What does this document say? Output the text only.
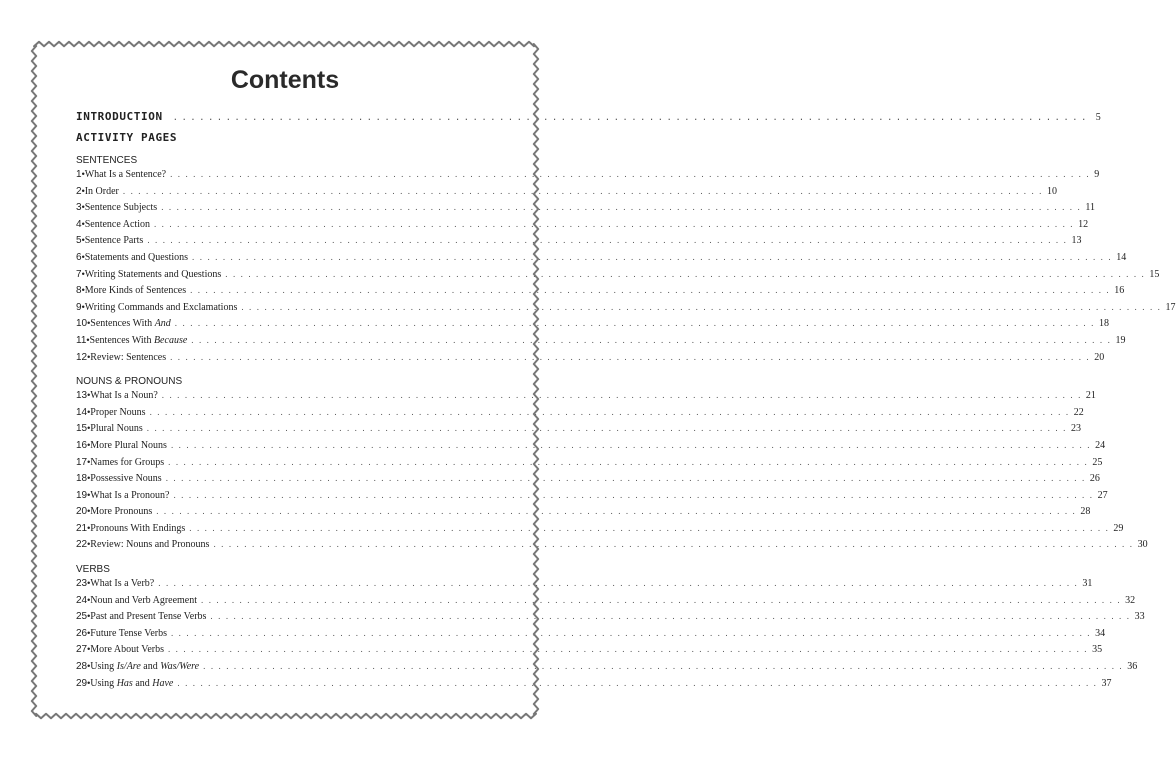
Contents
INTRODUCTION ........................................................................................................ 5
ACTIVITY PAGES
SENTENCES
1 • What Is a Sentence? . . . . . . . . . . . . . . . . . . . . . . . . . . . . . . . . . . . . . . . . . . . . . . . . . . . . . . . . . . . . . . . . . . . . . . . . . . . . . . . . . . . . . . . . . . . . . . . . . . . . . . . . . . . . . . . . . . . . . . . . 9
2 • In Order . . . . . . . . . . . . . . . . . . . . . . . . . . . . . . . . . . . . . . . . . . . . . . . . . . . . . . . . . . . . . . . . . . . . . . . . . . . . . . . . . . . . . . . . . . . . . . . . . . . . . . . . . . . . . . . . . . . . . . . . 10
3 • Sentence Subjects . . . . . . . . . . . . . . . . . . . . . . . . . . . . . . . . . . . . . . . . . . . . . . . . . . . . . . . . . . . . . . . . . . . . . . . . . . . . . . . . . . . . . . . . . . . . . . . . . . . . . . . . . . . . . . . . . . . . . . . . 11
4 • Sentence Action . . . . . . . . . . . . . . . . . . . . . . . . . . . . . . . . . . . . . . . . . . . . . . . . . . . . . . . . . . . . . . . . . . . . . . . . . . . . . . . . . . . . . . . . . . . . . . . . . . . . . . . . . . . . . . . . . . . . . . . . 12
5 • Sentence Parts . . . . . . . . . . . . . . . . . . . . . . . . . . . . . . . . . . . . . . . . . . . . . . . . . . . . . . . . . . . . . . . . . . . . . . . . . . . . . . . . . . . . . . . . . . . . . . . . . . . . . . . . . . . . . . . . . . . . . . . . 13
6 • Statements and Questions . . . . . . . . . . . . . . . . . . . . . . . . . . . . . . . . . . . . . . . . . . . . . . . . . . . . . . . . . . . . . . . . . . . . . . . . . . . . . . . . . . . . . . . . . . . . . . . . . . . . . . . . . . . . . . . . . . . . . . . . 14
7 • Writing Statements and Questions . . . . . . . . . . . . . . . . . . . . . . . . . . . . . . . . . . . . . . . . . . . . . . . . . . . . . . . . . . . . . . . . . . . . . . . . . . . . . . . . . . . . . . . . . . . . . . . . . . . . . . . . . . . . . . . . . . . . . . . . 15
8 • More Kinds of Sentences . . . . . . . . . . . . . . . . . . . . . . . . . . . . . . . . . . . . . . . . . . . . . . . . . . . . . . . . . . . . . . . . . . . . . . . . . . . . . . . . . . . . . . . . . . . . . . . . . . . . . . . . . . . . . . . . . . . . . . . . 16
9 • Writing Commands and Exclamations . . . . . . . . . . . . . . . . . . . . . . . . . . . . . . . . . . . . . . . . . . . . . . . . . . . . . . . . . . . . . . . . . . . . . . . . . . . . . . . . . . . . . . . . . . . . . . . . . . . . . . . . . . . . . . . . . . . . . . . . 17
10 • Sentences With And . . . . . . . . . . . . . . . . . . . . . . . . . . . . . . . . . . . . . . . . . . . . . . . . . . . . . . . . . . . . . . . . . . . . . . . . . . . . . . . . . . . . . . . . . . . . . . . . . . . . . . . . . . . . . . . . . . . . . . . . 18
11 • Sentences With Because . . . . . . . . . . . . . . . . . . . . . . . . . . . . . . . . . . . . . . . . . . . . . . . . . . . . . . . . . . . . . . . . . . . . . . . . . . . . . . . . . . . . . . . . . . . . . . . . . . . . . . . . . . . . . . . . . . . . . . . . 19
12 • Review: Sentences . . . . . . . . . . . . . . . . . . . . . . . . . . . . . . . . . . . . . . . . . . . . . . . . . . . . . . . . . . . . . . . . . . . . . . . . . . . . . . . . . . . . . . . . . . . . . . . . . . . . . . . . . . . . . . . . . . . . . . . . 20
NOUNS & PRONOUNS
13 • What Is a Noun? . . . . . . . . . . . . . . . . . . . . . . . . . . . . . . . . . . . . . . . . . . . . . . . . . . . . . . . . . . . . . . . . . . . . . . . . . . . . . . . . . . . . . . . . . . . . . . . . . . . . . . . . . . . . . . . . . . . . . . . . 21
14 • Proper Nouns . . . . . . . . . . . . . . . . . . . . . . . . . . . . . . . . . . . . . . . . . . . . . . . . . . . . . . . . . . . . . . . . . . . . . . . . . . . . . . . . . . . . . . . . . . . . . . . . . . . . . . . . . . . . . . . . . . . . . . . . 22
15 • Plural Nouns . . . . . . . . . . . . . . . . . . . . . . . . . . . . . . . . . . . . . . . . . . . . . . . . . . . . . . . . . . . . . . . . . . . . . . . . . . . . . . . . . . . . . . . . . . . . . . . . . . . . . . . . . . . . . . . . . . . . . . . . 23
16 • More Plural Nouns . . . . . . . . . . . . . . . . . . . . . . . . . . . . . . . . . . . . . . . . . . . . . . . . . . . . . . . . . . . . . . . . . . . . . . . . . . . . . . . . . . . . . . . . . . . . . . . . . . . . . . . . . . . . . . . . . . . . . . . . 24
17 • Names for Groups . . . . . . . . . . . . . . . . . . . . . . . . . . . . . . . . . . . . . . . . . . . . . . . . . . . . . . . . . . . . . . . . . . . . . . . . . . . . . . . . . . . . . . . . . . . . . . . . . . . . . . . . . . . . . . . . . . . . . . . . 25
18 • Possessive Nouns . . . . . . . . . . . . . . . . . . . . . . . . . . . . . . . . . . . . . . . . . . . . . . . . . . . . . . . . . . . . . . . . . . . . . . . . . . . . . . . . . . . . . . . . . . . . . . . . . . . . . . . . . . . . . . . . . . . . . . . . 26
19 • What Is a Pronoun? . . . . . . . . . . . . . . . . . . . . . . . . . . . . . . . . . . . . . . . . . . . . . . . . . . . . . . . . . . . . . . . . . . . . . . . . . . . . . . . . . . . . . . . . . . . . . . . . . . . . . . . . . . . . . . . . . . . . . . . . 27
20 • More Pronouns . . . . . . . . . . . . . . . . . . . . . . . . . . . . . . . . . . . . . . . . . . . . . . . . . . . . . . . . . . . . . . . . . . . . . . . . . . . . . . . . . . . . . . . . . . . . . . . . . . . . . . . . . . . . . . . . . . . . . . . . 28
21 • Pronouns With Endings . . . . . . . . . . . . . . . . . . . . . . . . . . . . . . . . . . . . . . . . . . . . . . . . . . . . . . . . . . . . . . . . . . . . . . . . . . . . . . . . . . . . . . . . . . . . . . . . . . . . . . . . . . . . . . . . . . . . . . . . 29
22 • Review: Nouns and Pronouns . . . . . . . . . . . . . . . . . . . . . . . . . . . . . . . . . . . . . . . . . . . . . . . . . . . . . . . . . . . . . . . . . . . . . . . . . . . . . . . . . . . . . . . . . . . . . . . . . . . . . . . . . . . . . . . . . . . . . . . . 30
VERBS
23 • What Is a Verb? . . . . . . . . . . . . . . . . . . . . . . . . . . . . . . . . . . . . . . . . . . . . . . . . . . . . . . . . . . . . . . . . . . . . . . . . . . . . . . . . . . . . . . . . . . . . . . . . . . . . . . . . . . . . . . . . . . . . . . . . 31
24 • Noun and Verb Agreement . . . . . . . . . . . . . . . . . . . . . . . . . . . . . . . . . . . . . . . . . . . . . . . . . . . . . . . . . . . . . . . . . . . . . . . . . . . . . . . . . . . . . . . . . . . . . . . . . . . . . . . . . . . . . . . . . . . . . . . . 32
25 • Past and Present Tense Verbs . . . . . . . . . . . . . . . . . . . . . . . . . . . . . . . . . . . . . . . . . . . . . . . . . . . . . . . . . . . . . . . . . . . . . . . . . . . . . . . . . . . . . . . . . . . . . . . . . . . . . . . . . . . . . . . . . . . . . . . . 33
26 • Future Tense Verbs . . . . . . . . . . . . . . . . . . . . . . . . . . . . . . . . . . . . . . . . . . . . . . . . . . . . . . . . . . . . . . . . . . . . . . . . . . . . . . . . . . . . . . . . . . . . . . . . . . . . . . . . . . . . . . . . . . . . . . . . 34
27 • More About Verbs . . . . . . . . . . . . . . . . . . . . . . . . . . . . . . . . . . . . . . . . . . . . . . . . . . . . . . . . . . . . . . . . . . . . . . . . . . . . . . . . . . . . . . . . . . . . . . . . . . . . . . . . . . . . . . . . . . . . . . . . 35
28 • Using Is/Are and Was/Were . . . . . . . . . . . . . . . . . . . . . . . . . . . . . . . . . . . . . . . . . . . . . . . . . . . . . . . . . . . . . . . . . . . . . . . . . . . . . . . . . . . . . . . . . . . . . . . . . . . . . . . . . . . . . . . . . . . . . . . . 36
29 • Using Has and Have . . . . . . . . . . . . . . . . . . . . . . . . . . . . . . . . . . . . . . . . . . . . . . . . . . . . . . . . . . . . . . . . . . . . . . . . . . . . . . . . . . . . . . . . . . . . . . . . . . . . . . . . . . . . . . . . . . . . . . . . 37
